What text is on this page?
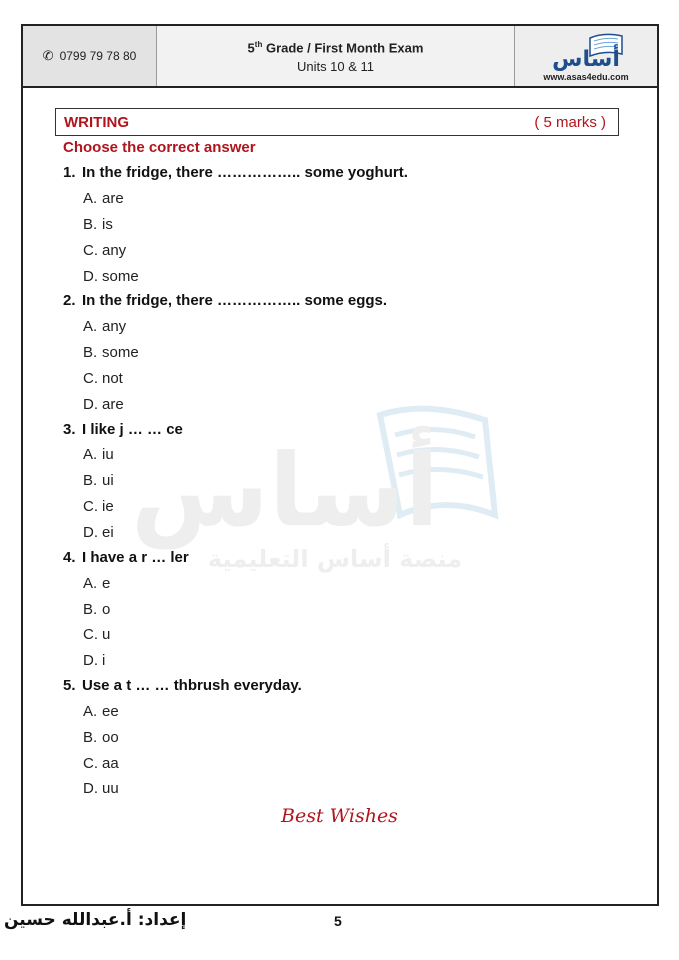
✆ 0799 79 78 80
5th Grade / First Month Exam
Units 10 & 11	أساس
www.asas4edu.com
أساس
منصة أساس التعليمية
WRITING	( 5 marks )
Choose the correct answer
1. In the fridge, there …………….. some yoghurt.
A. are
B. is
C. any
D. some
2. In the fridge, there …………….. some eggs.
A. any
B. some
C. not
D. are
3. I like j … … ce
A. iu
B. ui
C. ie
D. ei
4. I have a r … ler
A. e
B. o
C. u
D. i
5. Use a t … … thbrush everyday.
A. ee
B. oo
C. aa
D. uu
Best Wishes
إعداد: أ.عبدالله حسين	5
